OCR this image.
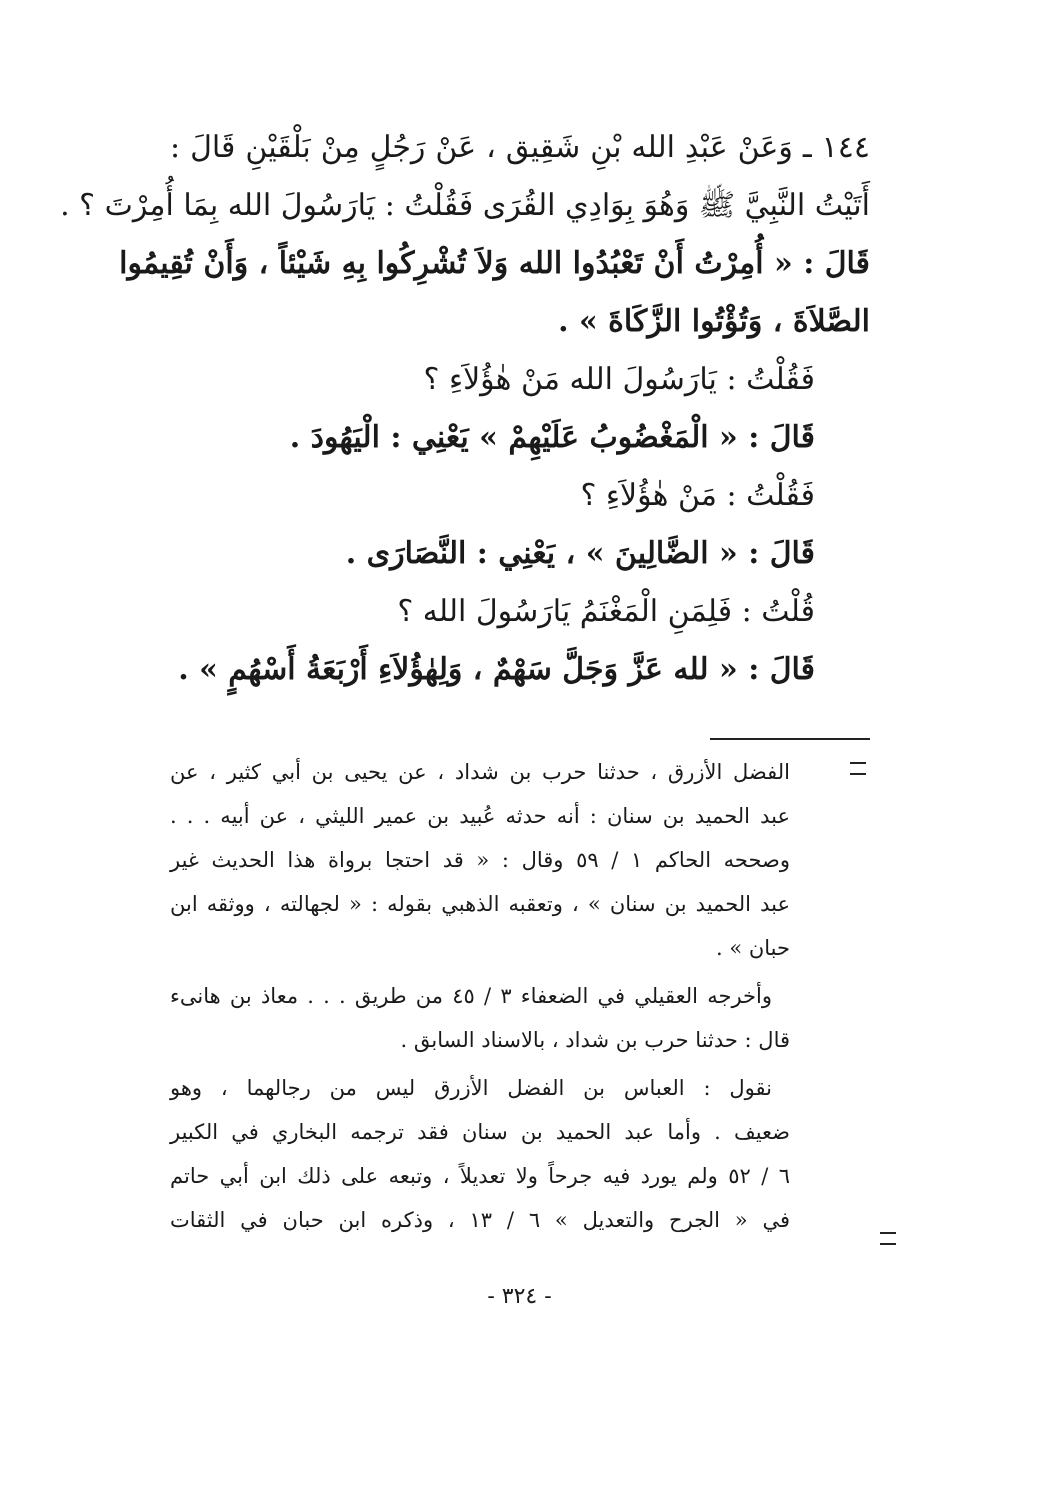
١٤٤ ـ وَعَنْ عَبْدِ الله بْنِ شَقِيق ، عَنْ رَجُلٍ مِنْ بَلْقَيْنِ قَالَ :
أَتَيْتُ النَّبِيَّ ﷺ وَهُوَ بِوَادِي القُرَى فَقُلْتُ : يَارَسُولَ الله بِمَا أُمِرْتَ ؟ .
قَالَ : « أُمِرْتُ أَنْ تَعْبُدُوا الله وَلاَ تُشْرِكُوا بِهِ شَيْئاً ، وَأَنْ تُقِيمُوا
الصَّلاَةَ ، وَتُؤْتُوا الزَّكَاةَ » .
فَقُلْتُ : يَارَسُولَ الله مَنْ هٰؤُلاَءِ ؟
قَالَ : « الْمَغْضُوبُ عَلَيْهِمْ » يَعْنِي : الْيَهُودَ .
فَقُلْتُ : مَنْ هٰؤُلاَءِ ؟
قَالَ : « الضَّالِينَ » ، يَعْنِي : النَّصَارَى .
قُلْتُ : فَلِمَنِ الْمَغْنَمُ يَارَسُولَ الله ؟
قَالَ : « لله عَزَّ وَجَلَّ سَهْمٌ ، وَلِهٰؤُلاَءِ أَرْبَعَةُ أَسْهُمٍ » .
الفضل الأزرق ، حدثنا حرب بن شداد ، عن يحيى بن أبي كثير ، عن
عبد الحميد بن سنان : أنه حدثه عُبيد بن عمير الليثي ، عن أبيه . . .
وصححه الحاكم ١ / ٥٩ وقال : « قد احتجا برواة هذا الحديث غير
عبد الحميد بن سنان » ، وتعقبه الذهبي بقوله : « لجهالته ، ووثقه ابن
حبان » .
وأخرجه العقيلي في الضعفاء ٣ / ٤٥ من طريق . . . معاذ بن هانىء
قال : حدثنا حرب بن شداد ، بالاسناد السابق .
نقول : العباس بن الفضل الأزرق ليس من رجالهما ، وهو
ضعيف . وأما عبد الحميد بن سنان فقد ترجمه البخاري في الكبير
٦ / ٥٢ ولم يورد فيه جرحاً ولا تعديلاً ، وتبعه على ذلك ابن أبي حاتم
في « الجرح والتعديل » ٦ / ١٣ ، وذكره ابن حبان في الثقات
- ٣٢٤ -
